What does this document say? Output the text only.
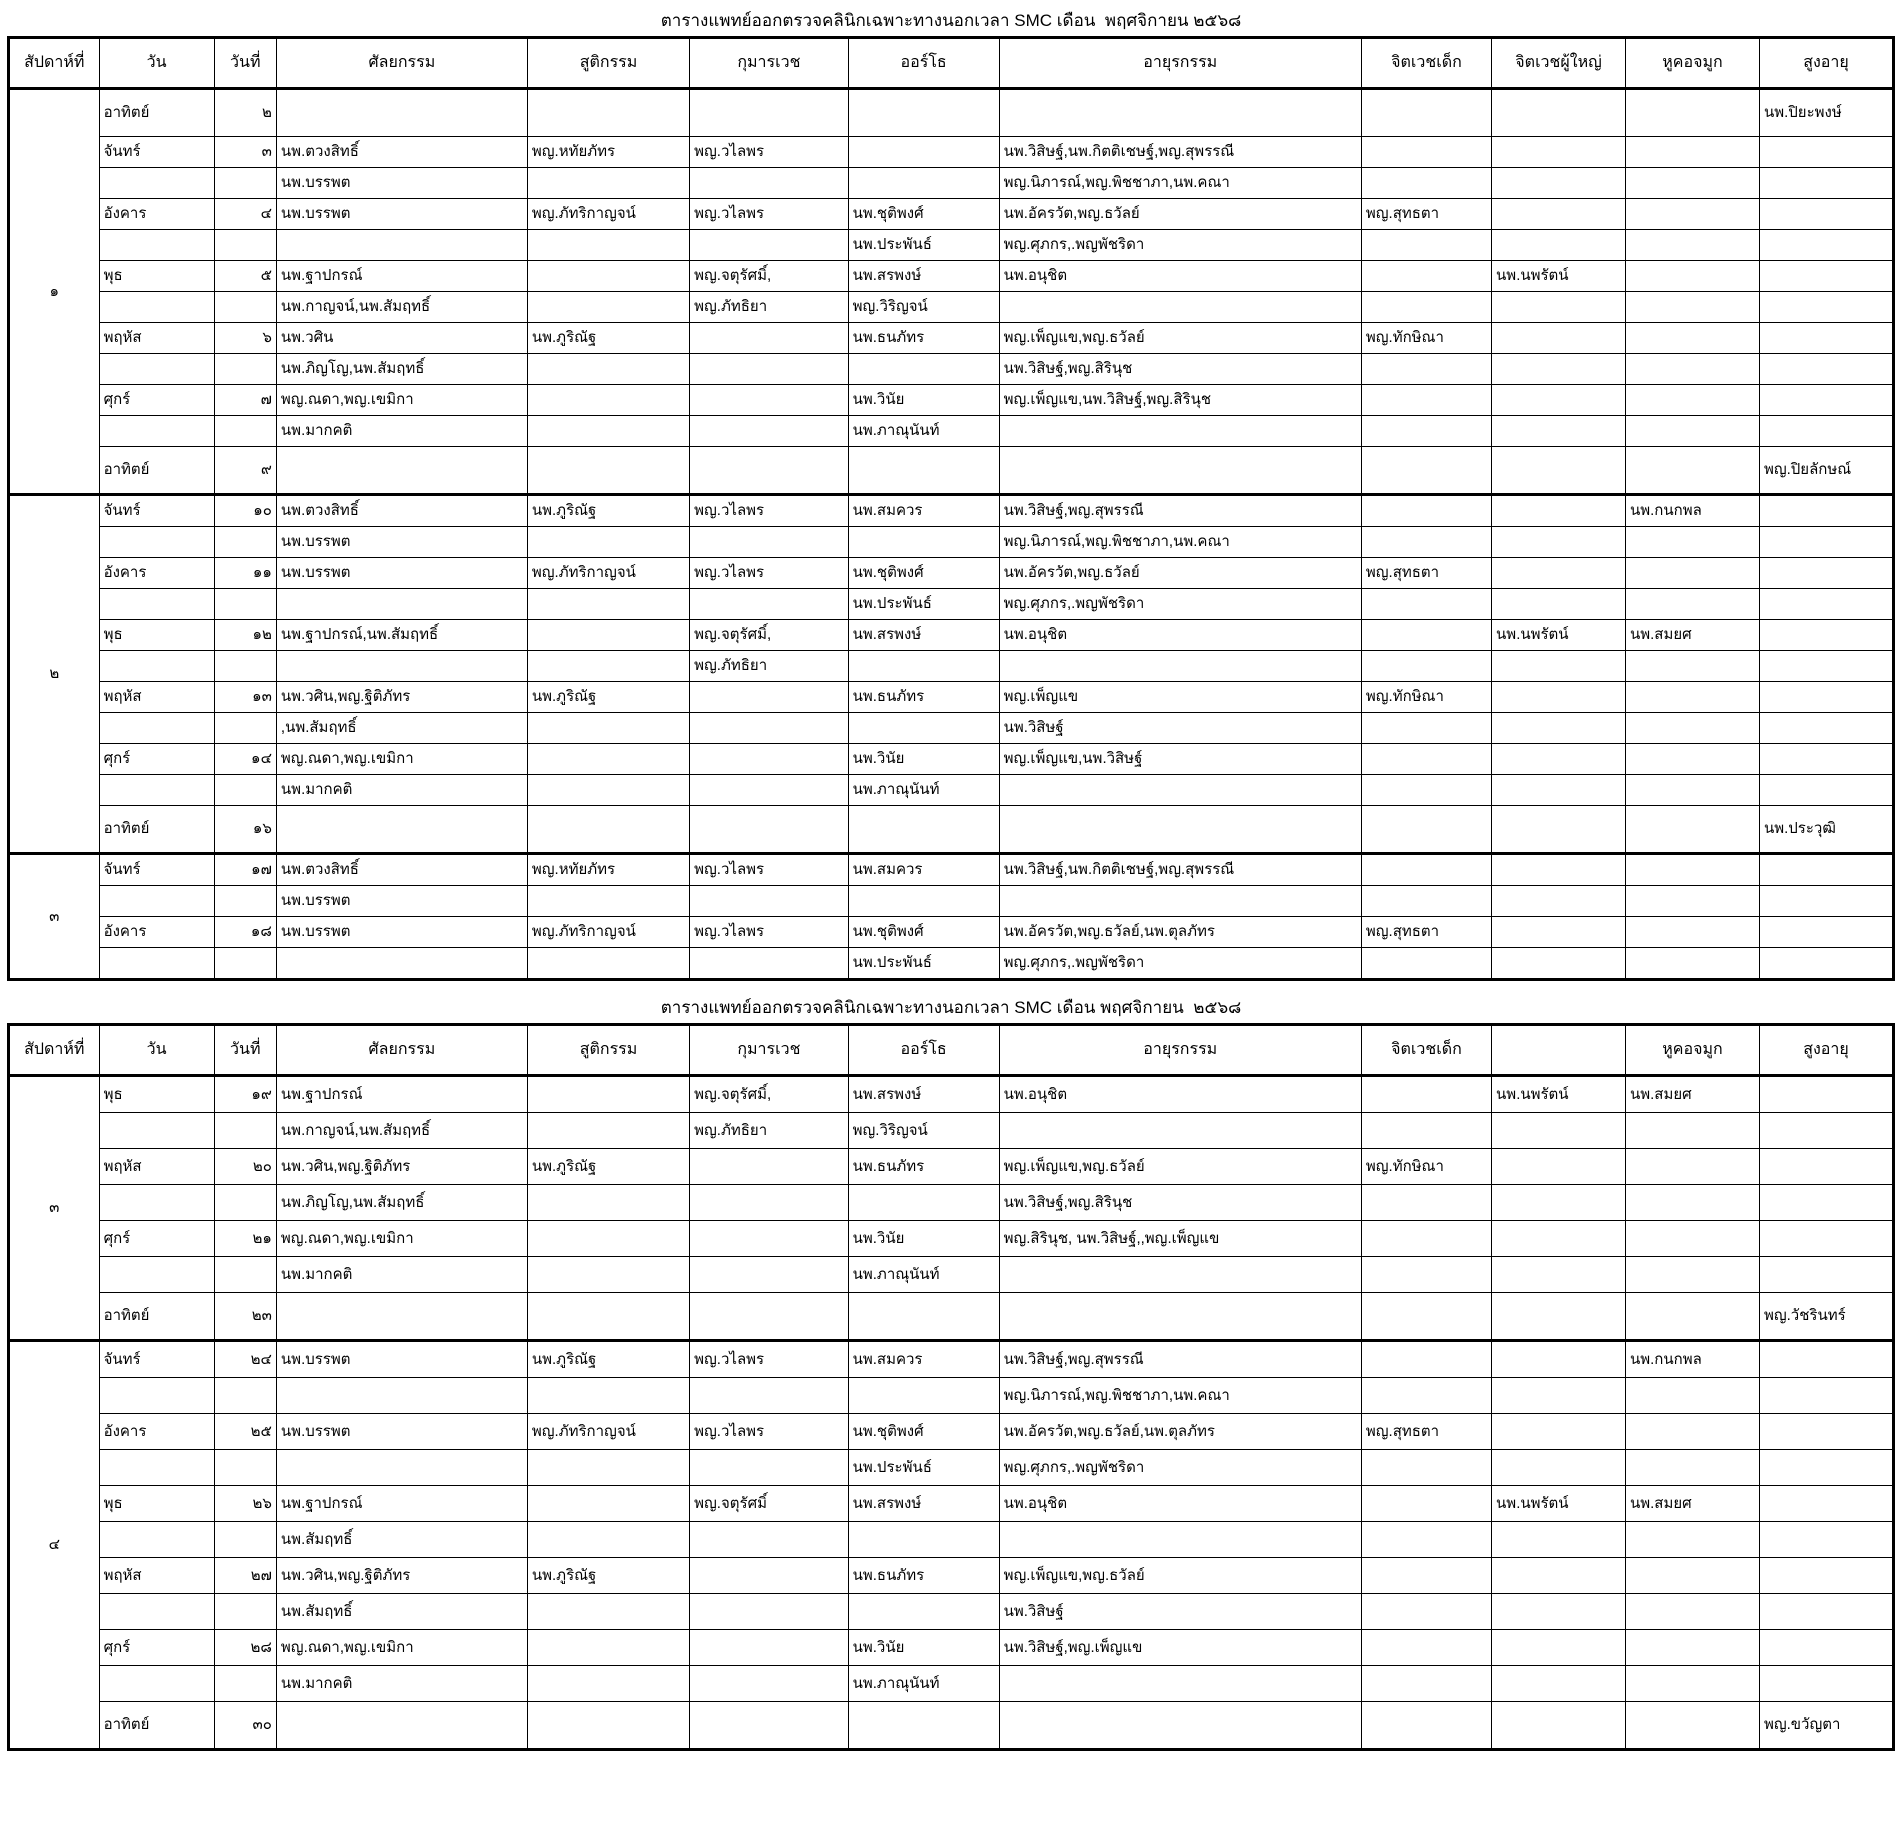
ตารางแพทย์ออกตรวจคลินิกเฉพาะทางนอกเวลา SMC เดือน  พฤศจิกายน ๒๕๖๘
สัปดาห์ที่	วัน	วันที่	ศัลยกรรม	สูติกรรม	กุมารเวช	ออร์โธ	อายุรกรรม	จิตเวชเด็ก	จิตเวชผู้ใหญ่	หูคอจมูก	สูงอายุ
๑	อาทิตย์	๒									นพ.ปิยะพงษ์
	จันทร์	๓	นพ.ตวงสิทธิ์	พญ.หทัยภัทร	พญ.วไลพร		นพ.วิสิษฐ์,นพ.กิตติเชษฐ์,พญ.สุพรรณี				
			นพ.บรรพต				พญ.นิภารณ์,พญ.พิชชาภา,นพ.คณา				
	อังคาร	๔	นพ.บรรพต	พญ.ภัทริกาญจน์	พญ.วไลพร	นพ.ชุติพงศ์	นพ.อัครวัต,พญ.ธวัลย์	พญ.สุทธตา			
						นพ.ประพันธ์	พญ.ศุภกร,.พญพัชริดา				
	พุธ	๕	นพ.ฐาปกรณ์		พญ.จตุรัศมิ์,	นพ.สรพงษ์	นพ.อนุชิต		นพ.นพรัตน์		
			นพ.กาญจน์,นพ.สัมฤทธิ์		พญ.ภัทธิยา	พญ.วิริญจน์					
	พฤหัส	๖	นพ.วศิน	นพ.ภูริณัฐ		นพ.ธนภัทร	พญ.เพ็ญแข,พญ.ธวัลย์	พญ.ทักษิณา			
			นพ.ภิญโญ,นพ.สัมฤทธิ์				นพ.วิสิษฐ์,พญ.สิรินุช				
	ศุกร์	๗	พญ.ณดา,พญ.เขมิกา			นพ.วินัย	พญ.เพ็ญแข,นพ.วิสิษฐ์,พญ.สิรินุช				
			นพ.มากคติ			นพ.ภาณุนันท์					
	อาทิตย์	๙									พญ.ปิยลักษณ์
๒	จันทร์	๑๐	นพ.ตวงสิทธิ์	นพ.ภูริณัฐ	พญ.วไลพร	นพ.สมควร	นพ.วิสิษฐ์,พญ.สุพรรณี			นพ.กนกพล	
			นพ.บรรพต				พญ.นิภารณ์,พญ.พิชชาภา,นพ.คณา				
	อังคาร	๑๑	นพ.บรรพต	พญ.ภัทริกาญจน์	พญ.วไลพร	นพ.ชุติพงศ์	นพ.อัครวัต,พญ.ธวัลย์	พญ.สุทธตา			
						นพ.ประพันธ์	พญ.ศุภกร,.พญพัชริดา				
	พุธ	๑๒	นพ.ฐาปกรณ์,นพ.สัมฤทธิ์		พญ.จตุรัศมิ์,	นพ.สรพงษ์	นพ.อนุชิต		นพ.นพรัตน์	นพ.สมยศ	
					พญ.ภัทธิยา						
	พฤหัส	๑๓	นพ.วศิน,พญ.ฐิติภัทร	นพ.ภูริณัฐ		นพ.ธนภัทร	พญ.เพ็ญแข	พญ.ทักษิณา			
			,นพ.สัมฤทธิ์				นพ.วิสิษฐ์				
	ศุกร์	๑๔	พญ.ณดา,พญ.เขมิกา			นพ.วินัย	พญ.เพ็ญแข,นพ.วิสิษฐ์				
			นพ.มากคติ			นพ.ภาณุนันท์					
	อาทิตย์	๑๖									นพ.ประวุฒิ
๓	จันทร์	๑๗	นพ.ตวงสิทธิ์	พญ.หทัยภัทร	พญ.วไลพร	นพ.สมควร	นพ.วิสิษฐ์,นพ.กิตติเชษฐ์,พญ.สุพรรณี				
			นพ.บรรพต								
	อังคาร	๑๘	นพ.บรรพต	พญ.ภัทริกาญจน์	พญ.วไลพร	นพ.ชุติพงศ์	นพ.อัครวัต,พญ.ธวัลย์,นพ.ตุลภัทร	พญ.สุทธตา			
						นพ.ประพันธ์	พญ.ศุภกร,.พญพัชริดา				
ตารางแพทย์ออกตรวจคลินิกเฉพาะทางนอกเวลา SMC เดือน พฤศจิกายน  ๒๕๖๘
สัปดาห์ที่	วัน	วันที่	ศัลยกรรม	สูติกรรม	กุมารเวช	ออร์โธ	อายุรกรรม	จิตเวชเด็ก		หูคอจมูก	สูงอายุ
๓	พุธ	๑๙	นพ.ฐาปกรณ์		พญ.จตุรัศมิ์,	นพ.สรพงษ์	นพ.อนุชิต		นพ.นพรัตน์	นพ.สมยศ	
			นพ.กาญจน์,นพ.สัมฤทธิ์		พญ.ภัทธิยา	พญ.วิริญจน์					
	พฤหัส	๒๐	นพ.วศิน,พญ.ฐิติภัทร	นพ.ภูริณัฐ		นพ.ธนภัทร	พญ.เพ็ญแข,พญ.ธวัลย์	พญ.ทักษิณา			
			นพ.ภิญโญ,นพ.สัมฤทธิ์				นพ.วิสิษฐ์,พญ.สิรินุช				
	ศุกร์	๒๑	พญ.ณดา,พญ.เขมิกา			นพ.วินัย	พญ.สิรินุช, นพ.วิสิษฐ์,,พญ.เพ็ญแข				
			นพ.มากคติ			นพ.ภาณุนันท์					
	อาทิตย์	๒๓									พญ.วัชรินทร์
๔	จันทร์	๒๔	นพ.บรรพต	นพ.ภูริณัฐ	พญ.วไลพร	นพ.สมควร	นพ.วิสิษฐ์,พญ.สุพรรณี			นพ.กนกพล	
							พญ.นิภารณ์,พญ.พิชชาภา,นพ.คณา				
	อังคาร	๒๕	นพ.บรรพต	พญ.ภัทริกาญจน์	พญ.วไลพร	นพ.ชุติพงศ์	นพ.อัครวัต,พญ.ธวัลย์,นพ.ตุลภัทร	พญ.สุทธตา			
						นพ.ประพันธ์	พญ.ศุภกร,.พญพัชริดา				
	พุธ	๒๖	นพ.ฐาปกรณ์		พญ.จตุรัศมิ์	นพ.สรพงษ์	นพ.อนุชิต		นพ.นพรัตน์	นพ.สมยศ	
			นพ.สัมฤทธิ์								
	พฤหัส	๒๗	นพ.วศิน,พญ.ฐิติภัทร	นพ.ภูริณัฐ		นพ.ธนภัทร	พญ.เพ็ญแข,พญ.ธวัลย์				
			นพ.สัมฤทธิ์				นพ.วิสิษฐ์				
	ศุกร์	๒๘	พญ.ณดา,พญ.เขมิกา			นพ.วินัย	นพ.วิสิษฐ์,พญ.เพ็ญแข				
			นพ.มากคติ			นพ.ภาณุนันท์					
	อาทิตย์	๓๐									พญ.ขวัญตา
